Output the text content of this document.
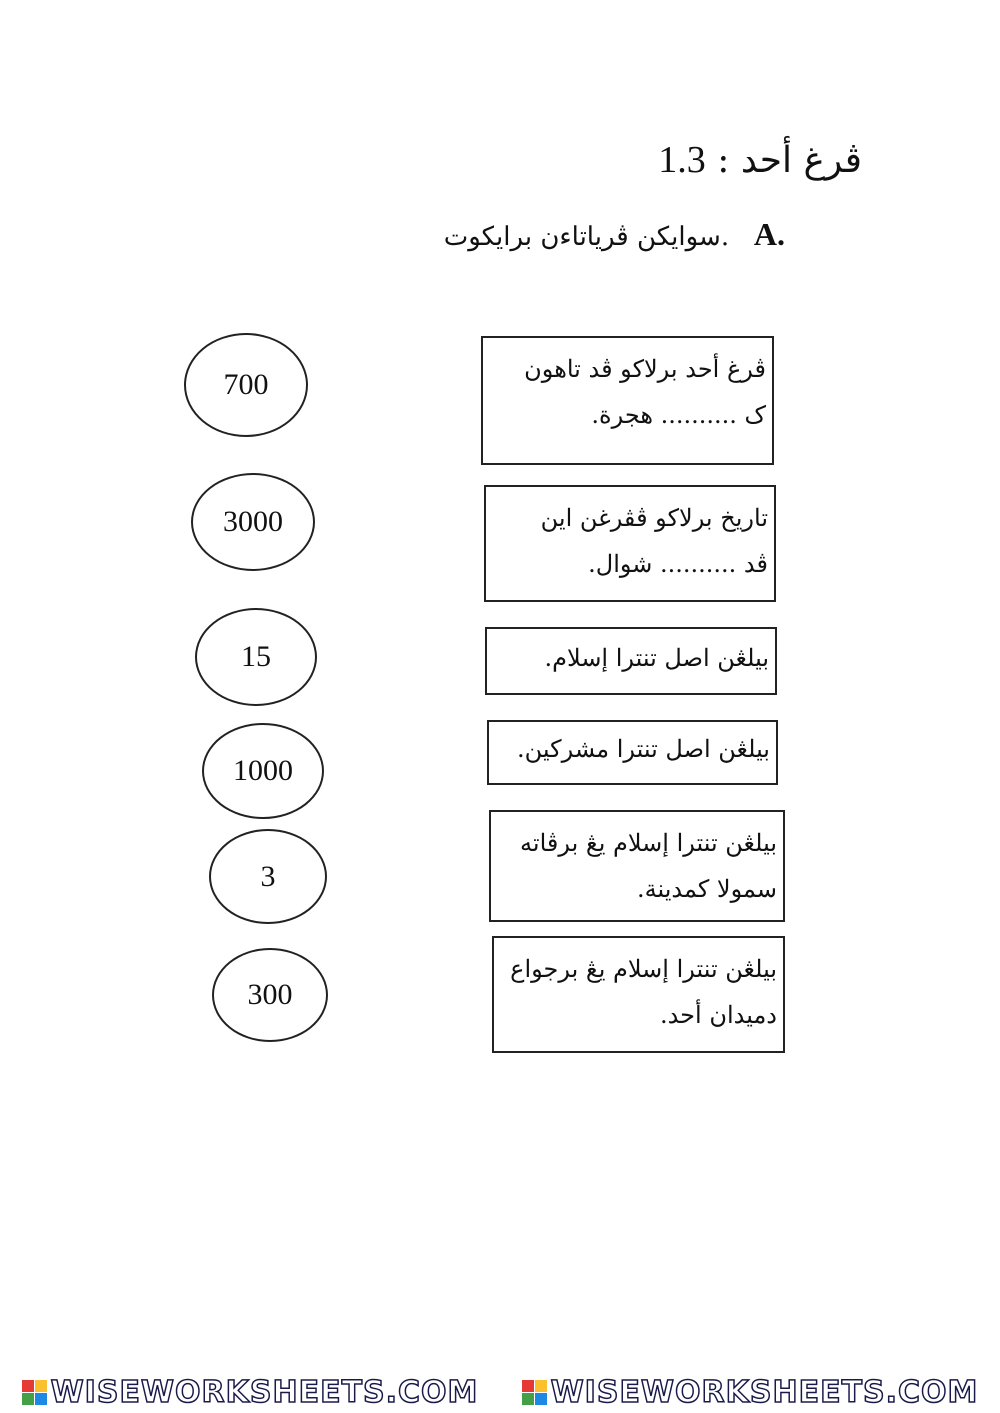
ڤرغ أحد : 1.3
سوايکن ڤرياتاءن برايکوت. A.
700
3000
15
1000
3
300
ڤرغ أحد برلاکو ڤد تاهون
ک .......... هجرة.
تاريخ برلاکو ڤڤرغن اين
ڤد .......... شوال.
بيلڠن اصل تنترا إسلام.
بيلڠن اصل تنترا مشرکين.
بيلڠن تنترا إسلام يڠ برڤاته
سمولا کمدينة.
بيلڠن تنترا إسلام يڠ برجواع
دميدان أحد.
WISEWORKSHEETS.COM WISEWORKSHEETS.COM
